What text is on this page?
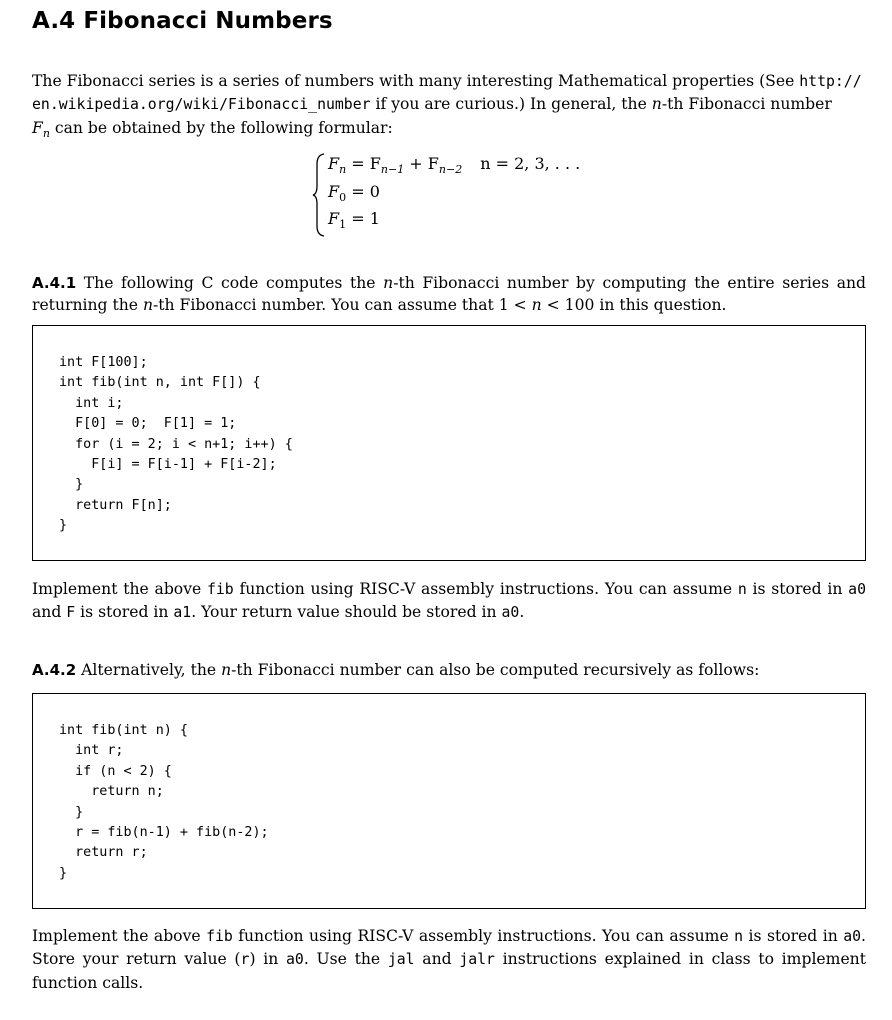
A.4 Fibonacci Numbers
The Fibonacci series is a series of numbers with many interesting Mathematical properties (See http://
en.wikipedia.org/wiki/Fibonacci_number if you are curious.) In general, the n-th Fibonacci number
$F_n$ can be obtained by the following formular:
$F_n = F_{n-1} + F_{n-2}$ n = 2, 3, . . .
$F_0 = 0$
$F_1 = 1$
A.4.1 The following C code computes the n-th Fibonacci number by computing the entire series and returning the n-th Fibonacci number. You can assume that 1 < n < 100 in this question.
int F[100];
int fib(int n, int F[]) {
int i;
F[0] = 0;  F[1] = 1;
for (i = 2; i < n+1; i++) {
F[i] = F[i-1] + F[i-2];
}
return F[n];
}
Implement the above fib function using RISC-V assembly instructions. You can assume n is stored in a0 and F is stored in a1. Your return value should be stored in a0.
A.4.2 Alternatively, the n-th Fibonacci number can also be computed recursively as follows:
int fib(int n) {
int r;
if (n < 2) {
return n;
}
r = fib(n-1) + fib(n-2);
return r;
}
Implement the above fib function using RISC-V assembly instructions. You can assume n is stored in a0. Store your return value (r) in a0. Use the jal and jalr instructions explained in class to implement function calls.
